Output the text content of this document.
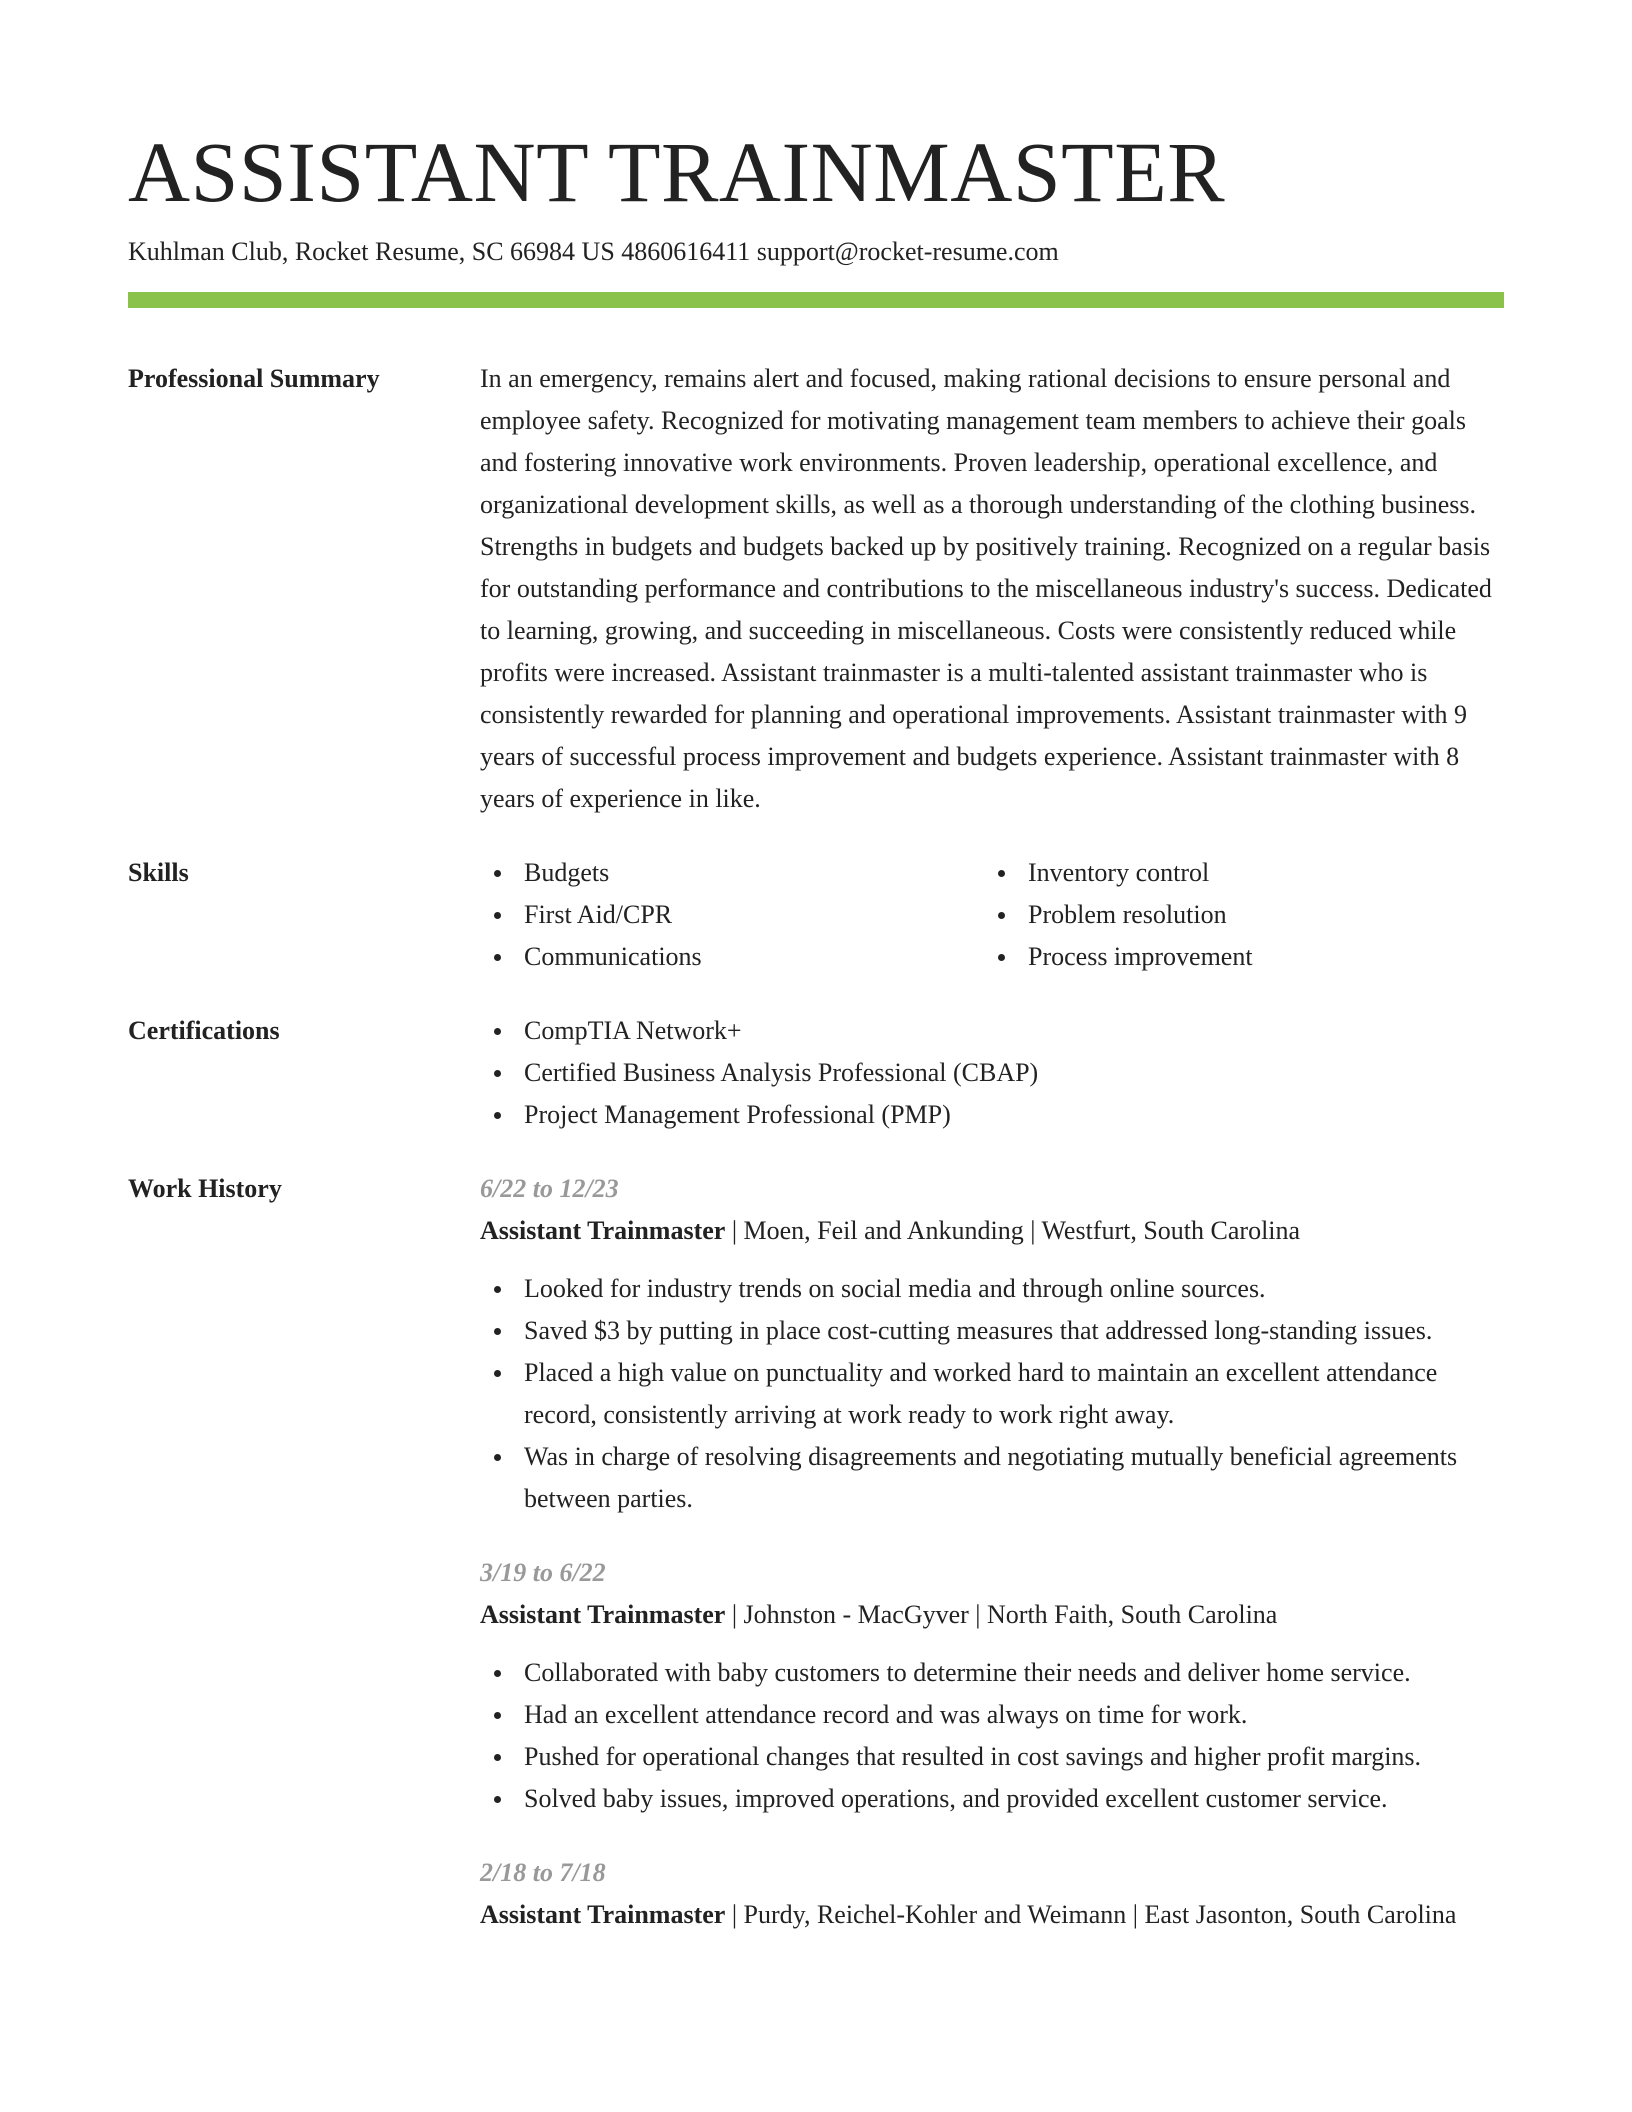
ASSISTANT TRAINMASTER
Kuhlman Club, Rocket Resume, SC 66984 US 4860616411 support@rocket-resume.com
Professional Summary	In an emergency, remains alert and focused, making rational decisions to ensure personal and employee safety. Recognized for motivating management team members to achieve their goals and fostering innovative work environments. Proven leadership, operational excellence, and organizational development skills, as well as a thorough understanding of the clothing business. Strengths in budgets and budgets backed up by positively training. Recognized on a regular basis for outstanding performance and contributions to the miscellaneous industry's success. Dedicated to learning, growing, and succeeding in miscellaneous. Costs were consistently reduced while profits were increased. Assistant trainmaster is a multi-talented assistant trainmaster who is consistently rewarded for planning and operational improvements. Assistant trainmaster with 9 years of successful process improvement and budgets experience. Assistant trainmaster with 8 years of experience in like.

Skills	Budgets
First Aid/CPR
Communications
Inventory control
Problem resolution
Process improvement
Certifications	CompTIA Network+
Certified Business Analysis Professional (CBAP)
Project Management Professional (PMP)
Work History	6/22 to 12/23
Assistant Trainmaster | Moen, Feil and Ankunding | Westfurt, South Carolina
Looked for industry trends on social media and through online sources.
Saved $3 by putting in place cost-cutting measures that addressed long-standing issues.
Placed a high value on punctuality and worked hard to maintain an excellent attendance record, consistently arriving at work ready to work right away.
Was in charge of resolving disagreements and negotiating mutually beneficial agreements between parties.
3/19 to 6/22
Assistant Trainmaster | Johnston - MacGyver | North Faith, South Carolina
Collaborated with baby customers to determine their needs and deliver home service.
Had an excellent attendance record and was always on time for work.
Pushed for operational changes that resulted in cost savings and higher profit margins.
Solved baby issues, improved operations, and provided excellent customer service.
2/18 to 7/18
Assistant Trainmaster | Purdy, Reichel-Kohler and Weimann | East Jasonton, South Carolina
